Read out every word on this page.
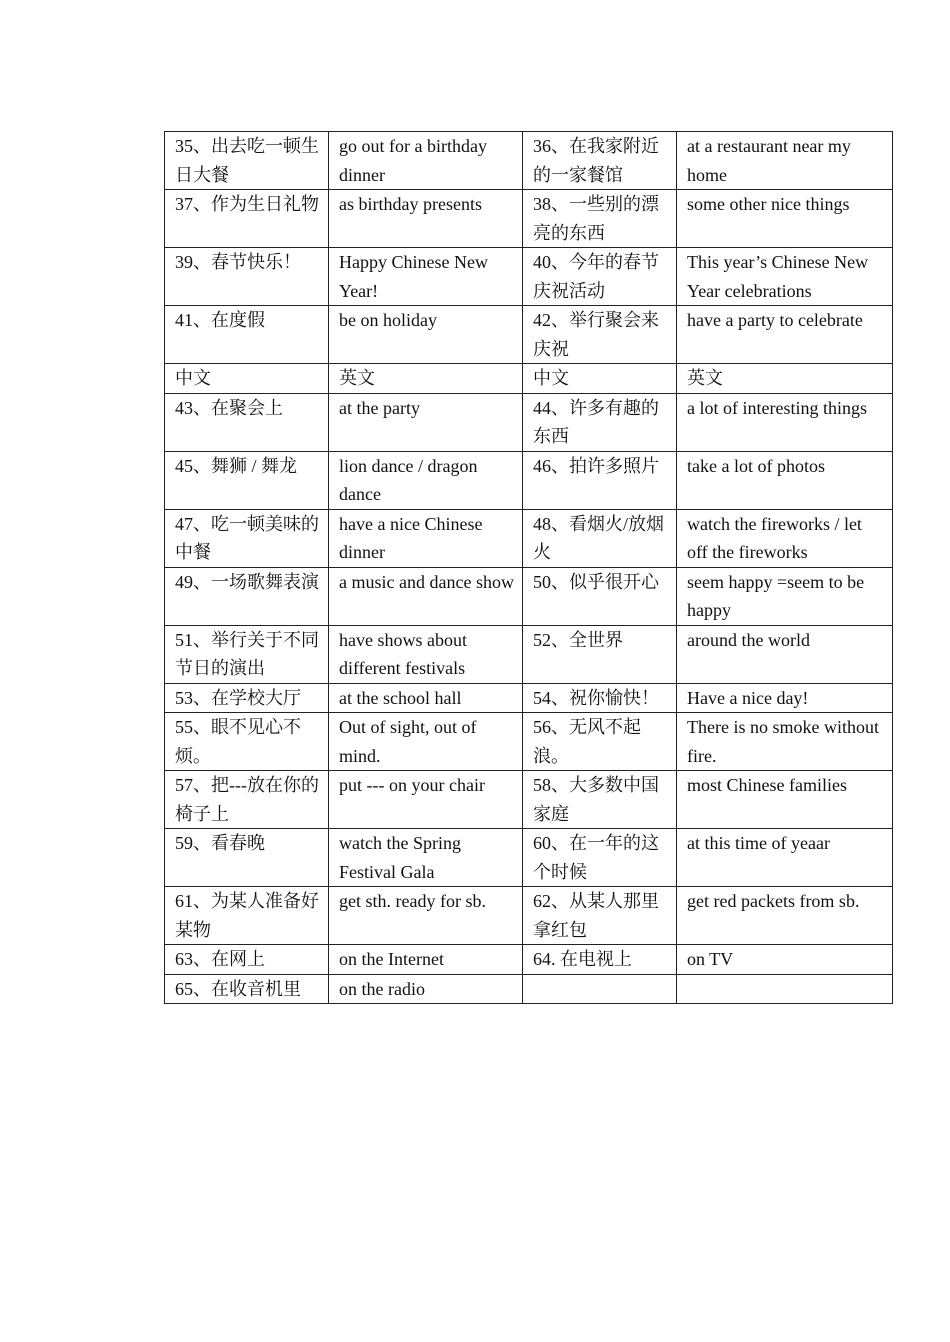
35、出去吃一顿生日大餐	go out for a birthday dinner	36、在我家附近的一家餐馆	at a restaurant near my home
37、作为生日礼物	as birthday presents	38、一些别的漂亮的东西	some other nice things
39、春节快乐！	Happy Chinese New Year!	40、今年的春节庆祝活动	This year’s Chinese New Year celebrations
41、在度假	be on holiday	42、举行聚会来庆祝	have a party to celebrate
中文	英文	中文	英文
43、在聚会上	at the party	44、许多有趣的东西	a lot of interesting things
45、舞狮 / 舞龙	lion dance / dragon dance	46、拍许多照片	take a lot of photos
47、吃一顿美味的中餐	have a nice Chinese dinner	48、看烟火/放烟火	watch the fireworks / let off the fireworks
49、一场歌舞表演	a music and dance show	50、似乎很开心	seem happy =seem to be happy
51、举行关于不同节日的演出	have shows about different festivals	52、全世界	around the world
53、在学校大厅	at the school hall	54、祝你愉快！	Have a nice day!
55、眼不见心不烦。	Out of sight, out of mind.	56、无风不起浪。	There is no smoke without fire.
57、把---放在你的椅子上	put --- on your chair	58、大多数中国家庭	most Chinese families
59、看春晚	watch the Spring Festival Gala	60、在一年的这个时候	at this time of yeaar
61、为某人准备好某物	get sth. ready for sb.	62、从某人那里拿红包	get red packets from sb.
63、在网上	on the Internet	64. 在电视上	on TV
65、在收音机里	on the radio		
